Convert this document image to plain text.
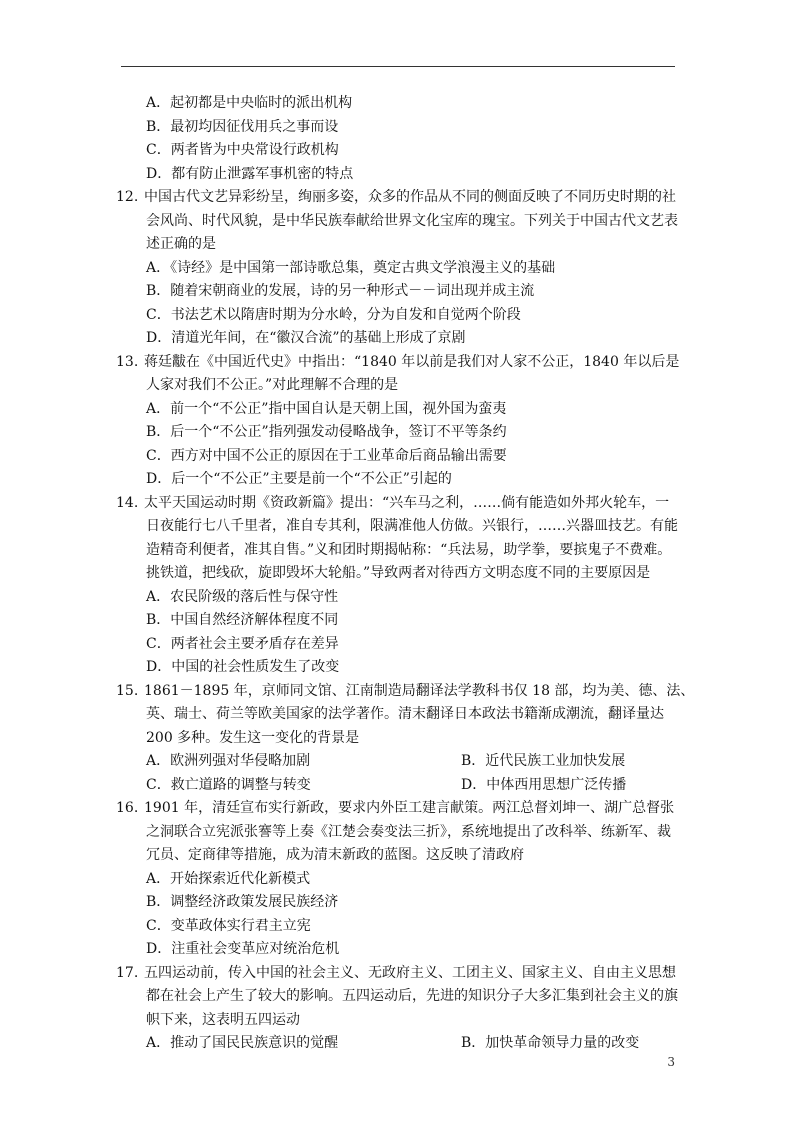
A．起初都是中央临时的派出机构
B．最初均因征伐用兵之事而设
C．两者皆为中央常设行政机构
D．都有防止泄露军事机密的特点
12. 中国古代文艺异彩纷呈，绚丽多姿，众多的作品从不同的侧面反映了不同历史时期的社
会风尚、时代风貌，是中华民族奉献给世界文化宝库的瑰宝。下列关于中国古代文艺表
述正确的是
A．《诗经》是中国第一部诗歌总集，奠定古典文学浪漫主义的基础
B．随着宋朝商业的发展，诗的另一种形式－－词出现并成主流
C．书法艺术以隋唐时期为分水岭，分为自发和自觉两个阶段
D．清道光年间，在“徽汉合流”的基础上形成了京剧
13. 蒋廷黻在《中国近代史》中指出：“1840 年以前是我们对人家不公正，1840 年以后是
人家对我们不公正。”对此理解不合理的是
A．前一个“不公正”指中国自认是天朝上国，视外国为蛮夷
B．后一个“不公正”指列强发动侵略战争，签订不平等条约
C．西方对中国不公正的原因在于工业革命后商品输出需要
D．后一个“不公正”主要是前一个“不公正”引起的
14. 太平天国运动时期《资政新篇》提出：“兴车马之利，……倘有能造如外邦火轮车，一
日夜能行七八千里者，准自专其利，限满准他人仿做。兴银行，……兴器皿技艺。有能
造精奇利便者，准其自售。”义和团时期揭帖称：“兵法易，助学拳，要摈鬼子不费难。
挑铁道，把线砍，旋即毁坏大轮船。”导致两者对待西方文明态度不同的主要原因是
A．农民阶级的落后性与保守性
B．中国自然经济解体程度不同
C．两者社会主要矛盾存在差异
D．中国的社会性质发生了改变
15. 1861－1895 年，京师同文馆、江南制造局翻译法学教科书仅 18 部，均为美、德、法、
英、瑞士、荷兰等欧美国家的法学著作。清末翻译日本政法书籍渐成潮流，翻译量达
200 多种。发生这一变化的背景是
A．欧洲列强对华侵略加剧	B．近代民族工业加快发展
C．救亡道路的调整与转变	D．中体西用思想广泛传播
16. 1901 年，清廷宣布实行新政，要求内外臣工建言献策。两江总督刘坤一、湖广总督张
之洞联合立宪派张謇等上奏《江楚会奏变法三折》，系统地提出了改科举、练新军、裁
冗员、定商律等措施，成为清末新政的蓝图。这反映了清政府
A．开始探索近代化新模式
B．调整经济政策发展民族经济
C．变革政体实行君主立宪
D．注重社会变革应对统治危机
17. 五四运动前，传入中国的社会主义、无政府主义、工团主义、国家主义、自由主义思想
都在社会上产生了较大的影响。五四运动后，先进的知识分子大多汇集到社会主义的旗
帜下来，这表明五四运动
A．推动了国民民族意识的觉醒	B．加快革命领导力量的改变
3
